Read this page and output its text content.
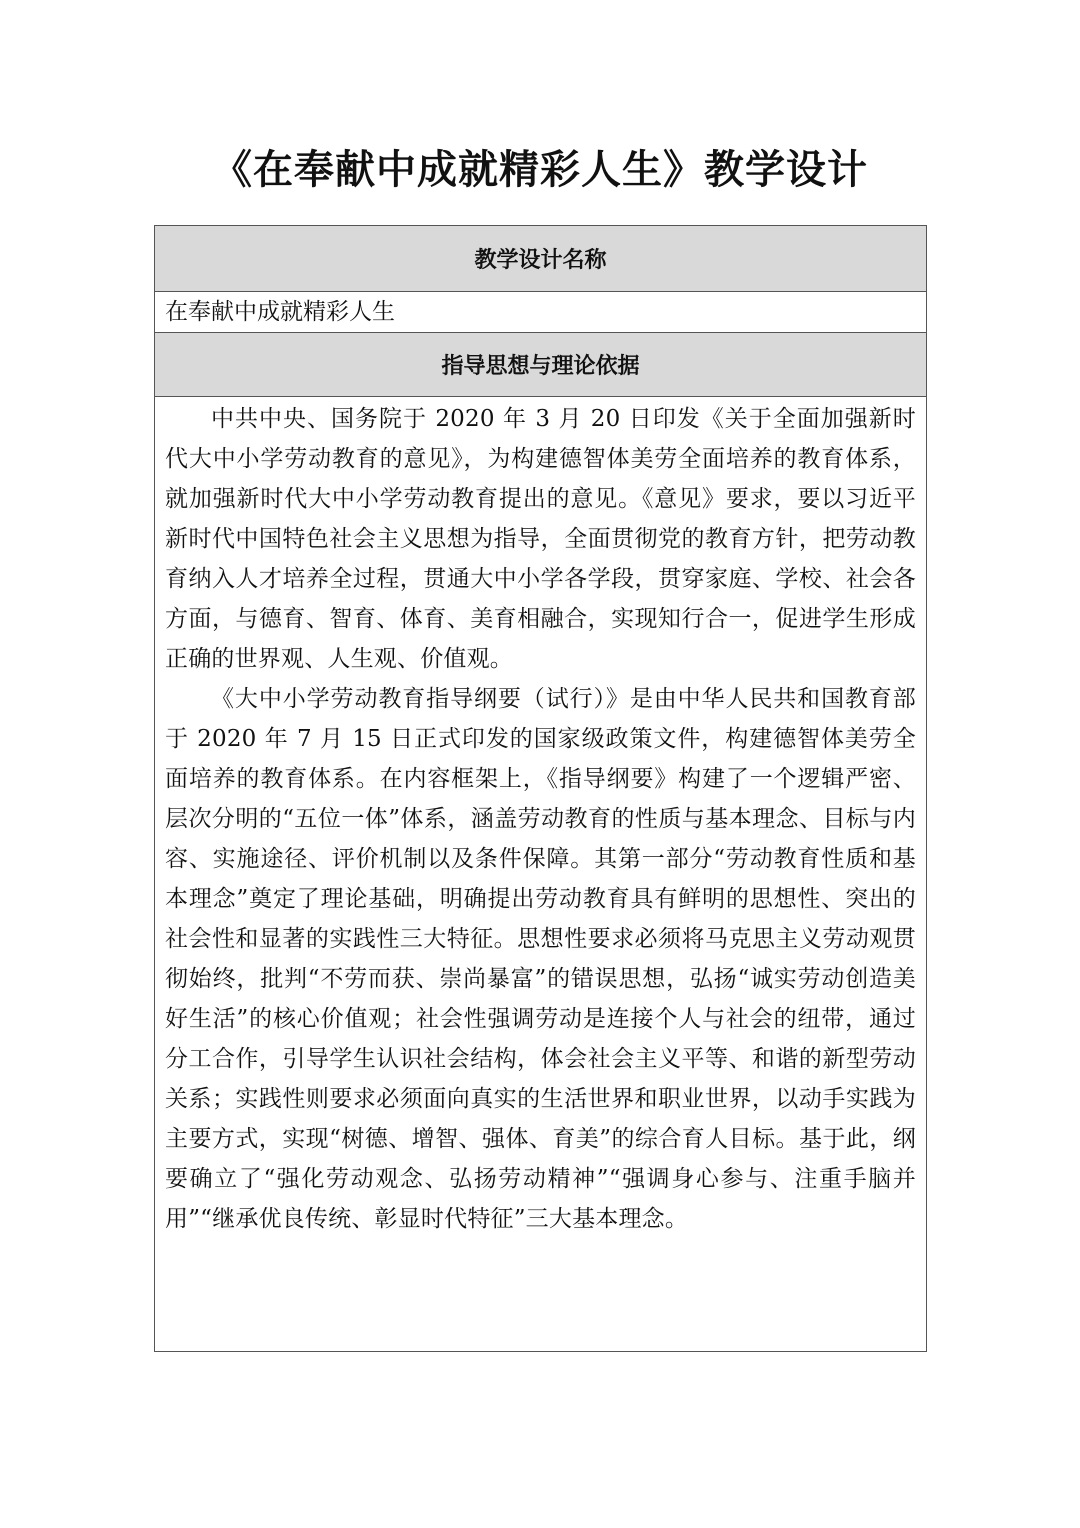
《在奉献中成就精彩人生》教学设计
教学设计名称
在奉献中成就精彩人生
指导思想与理论依据

中共中央、国务院于 2020 年 3 月 20 日印发《关于全面加强新时代大中小学劳动教育的意见》，为构建德智体美劳全面培养的教育体系，就加强新时代大中小学劳动教育提出的意见。《意见》要求，要以习近平新时代中国特色社会主义思想为指导，全面贯彻党的教育方针，把劳动教育纳入人才培养全过程，贯通大中小学各学段，贯穿家庭、学校、社会各方面，与德育、智育、体育、美育相融合，实现知行合一，促进学生形成正确的世界观、人生观、价值观。

《大中小学劳动教育指导纲要（试行）》是由中华人民共和国教育部于 2020 年 7 月 15 日正式印发的国家级政策文件，构建德智体美劳全面培养的教育体系。在内容框架上，《指导纲要》构建了一个逻辑严密、层次分明的“五位一体”体系，涵盖劳动教育的性质与基本理念、目标与内容、实施途径、评价机制以及条件保障。其第一部分“劳动教育性质和基本理念”奠定了理论基础，明确提出劳动教育具有鲜明的思想性、突出的社会性和显著的实践性三大特征。思想性要求必须将马克思主义劳动观贯彻始终，批判“不劳而获、崇尚暴富”的错误思想，弘扬“诚实劳动创造美好生活”的核心价值观；社会性强调劳动是连接个人与社会的纽带，通过分工合作，引导学生认识社会结构，体会社会主义平等、和谐的新型劳动关系；实践性则要求必须面向真实的生活世界和职业世界，以动手实践为主要方式，实现“树德、增智、强体、育美”的综合育人目标。基于此，纲要确立了“强化劳动观念、弘扬劳动精神”“强调身心参与、注重手脑并用”“继承优良传统、彰显时代特征”三大基本理念。
